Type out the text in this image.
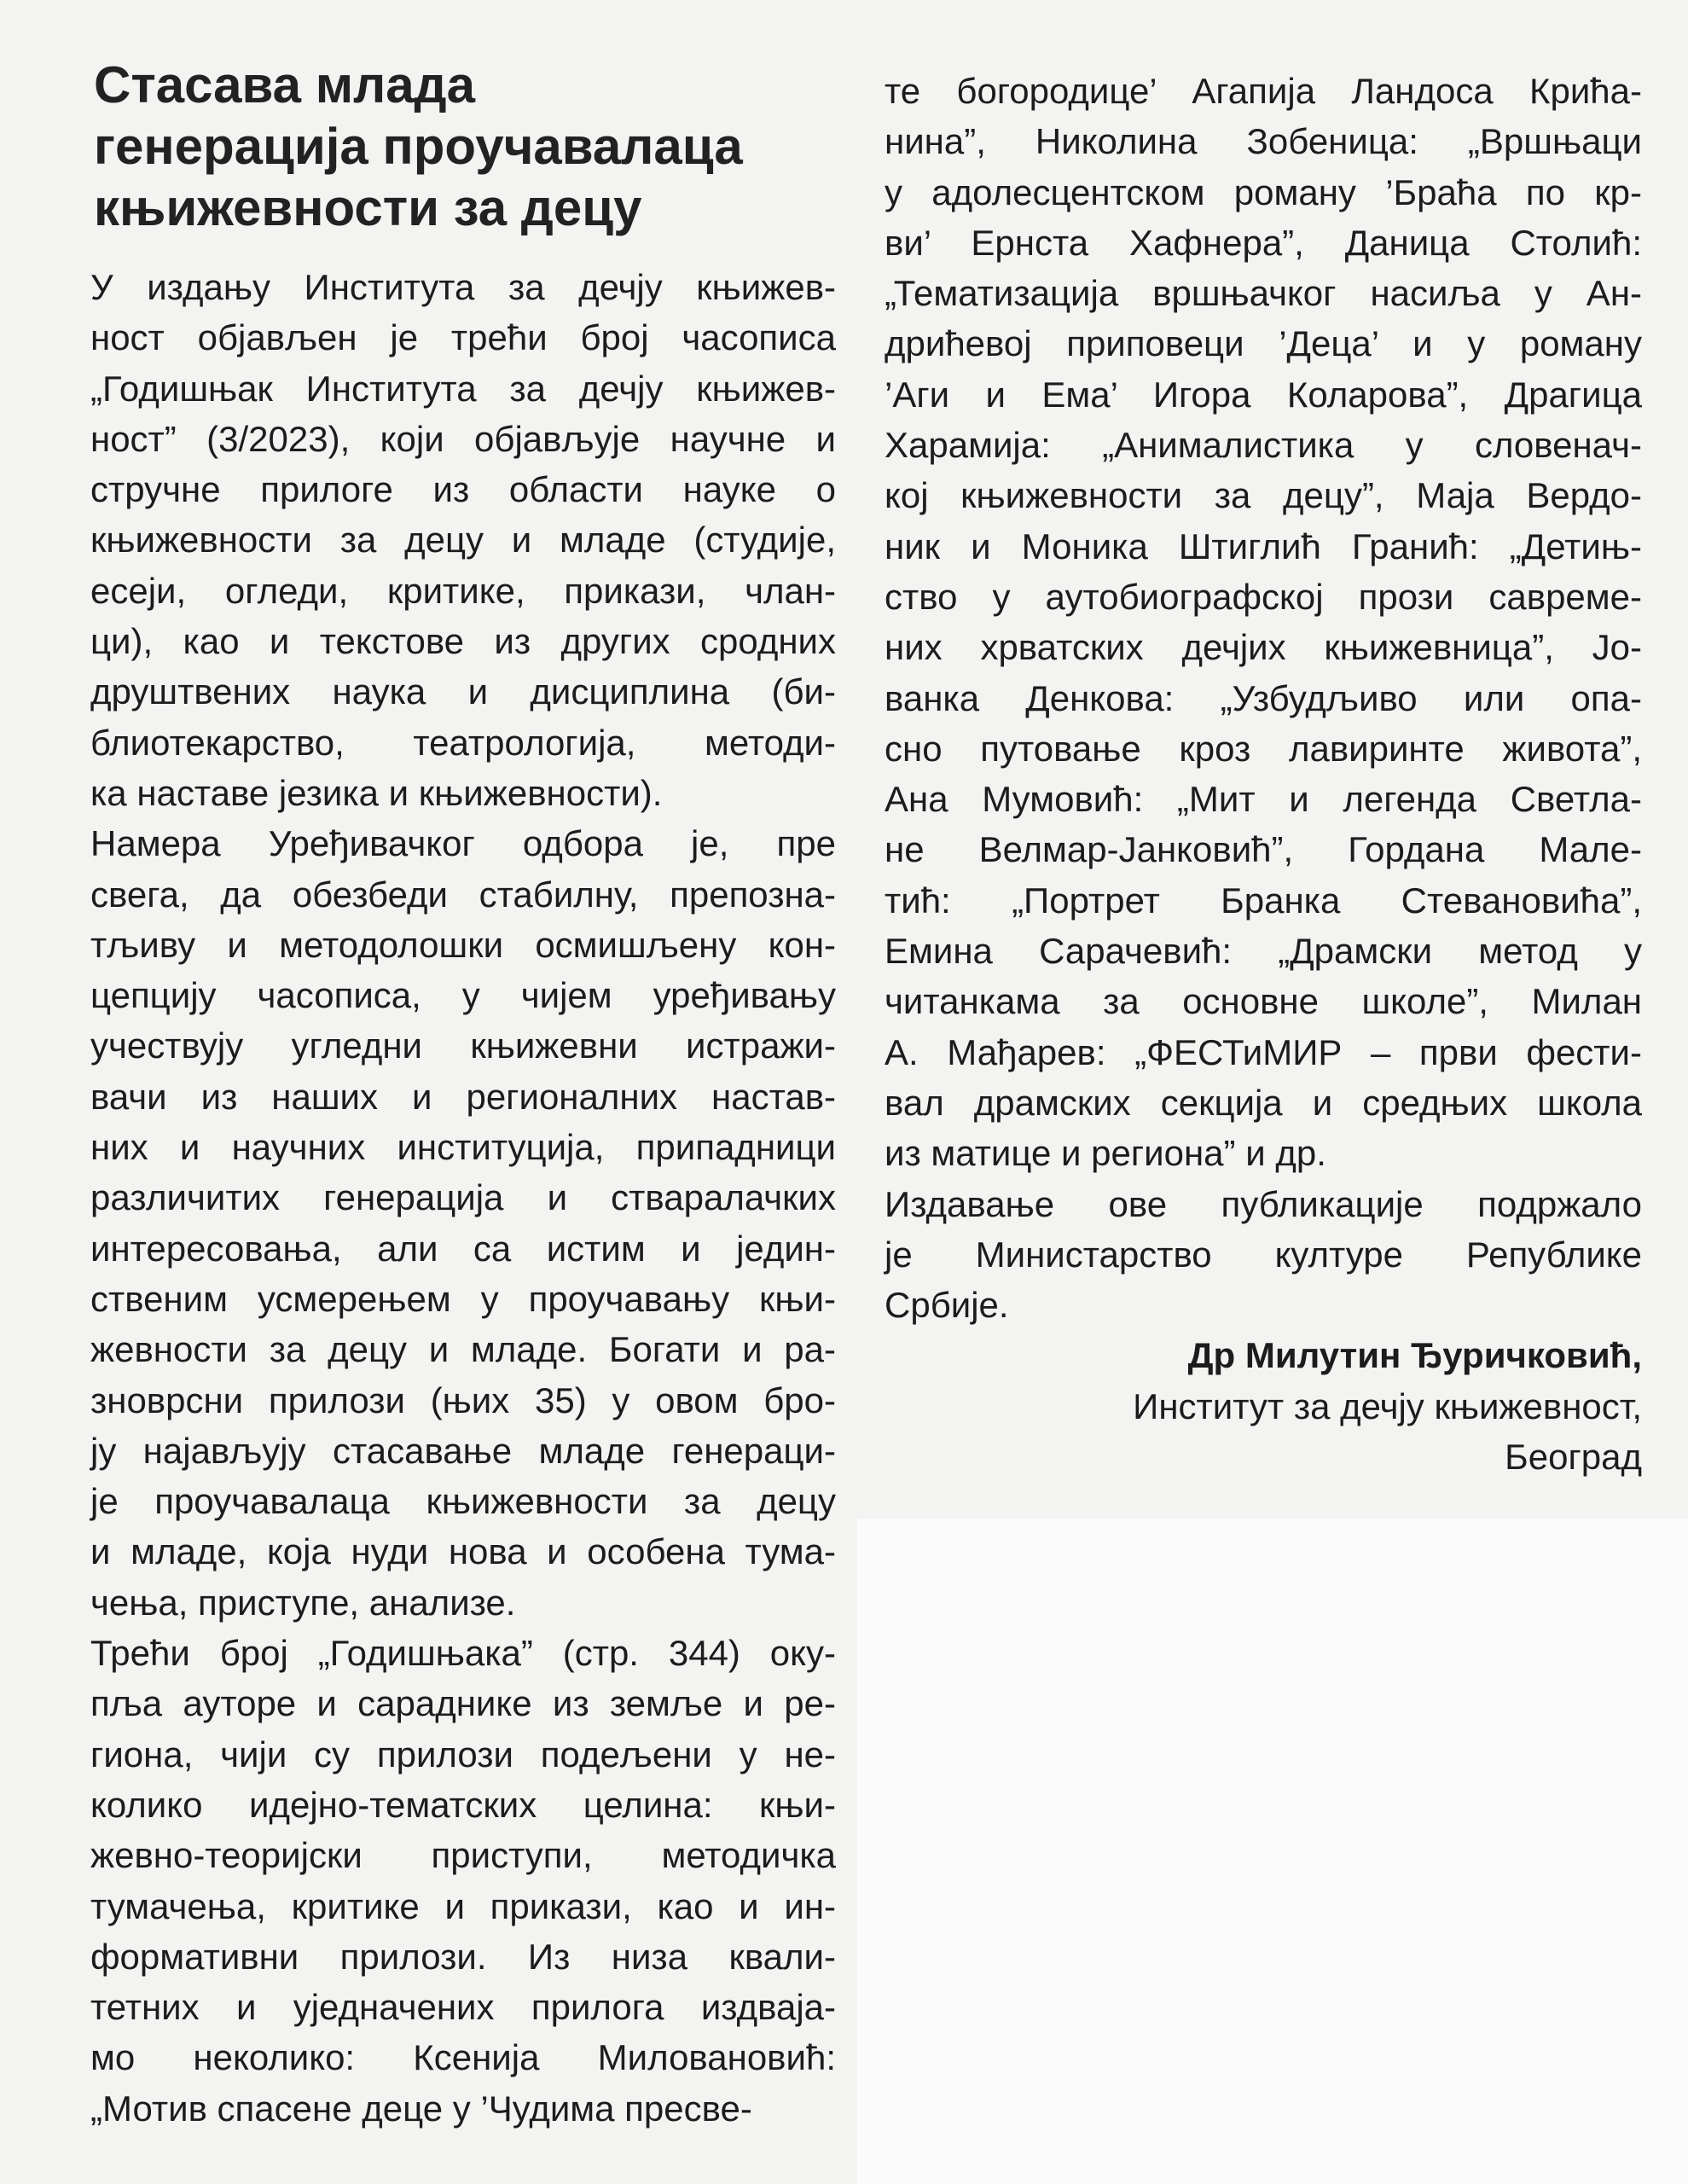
Стасава млада
генерација проучавалаца
књижевности за децу
У издању Института за дечју књижев-
ност објављен је трећи број часописа
„Годишњак Института за дечју књижев-
ност” (3/2023), који објављује научне и
стручне прилоге из области науке о
књижевности за децу и младе (студије,
есеји, огледи, критике, прикази, члан-
ци), као и текстове из других сродних
друштвених наука и дисциплина (би-
блиотекарство, театрологија, методи-
ка наставе језика и књижевности).
Намера Уређивачког одбора је, пре
свега, да обезбеди стабилну, препозна-
тљиву и методолошки осмишљену кон-
цепцију часописа, у чијем уређивању
учествују угледни књижевни истражи-
вачи из наших и регионалних настав-
них и научних институција, припадници
различитих генерација и стваралачких
интересовања, али са истим и једин-
ственим усмерењем у проучавању књи-
жевности за децу и младе. Богати и ра-
зноврсни прилози (њих 35) у овом бро-
ју најављују стасавање младе генераци-
је проучавалаца књижевности за децу
и младе, која нуди нова и особена тума-
чења, приступе, анализе.
Трећи број „Годишњака” (стр. 344) оку-
пља ауторе и сараднике из земље и ре-
гиона, чији су прилози подељени у не-
колико идејно-тематских целина: књи-
жевно-теоријски приступи, методичка
тумачења, критике и прикази, као и ин-
формативни прилози. Из низа квали-
тетних и уједначених прилога издваја-
мо неколико: Ксенија Миловановић:
„Мотив спасене деце у ’Чудима пресве-
те богородице’ Агапија Ландоса Крића-
нина”, Николина Зобеница: „Вршњаци
у адолесцентском роману ’Браћа по кр-
ви’ Ернста Хафнера”, Даница Столић:
„Тематизација вршњачког насиља у Ан-
дрићевој приповеци ’Деца’ и у роману
’Аги и Ема’ Игора Коларова”, Драгица
Харамија: „Анималистика у словенач-
кој књижевности за децу”, Маја Вердо-
ник и Моника Штиглић Гранић: „Детињ-
ство у аутобиографској прози савреме-
них хрватских дечјих књижевница”, Јо-
ванка Денкова: „Узбудљиво или опа-
сно путовање кроз лавиринте живота”,
Ана Мумовић: „Мит и легенда Светла-
не Велмар-Јанковић”, Гордана Мале-
тић: „Портрет Бранка Стевановића”,
Емина Сарачевић: „Драмски метод у
читанкама за основне школе”, Милан
А. Мађарев: „ФЕСТиМИР – први фести-
вал драмских секција и средњих школа
из матице и региона” и др.
Издавање ове публикације подржало
је Министарство културе Републике
Србије.
Др Милутин Ђуричковић,
Институт за дечју књижевност,
Београд
